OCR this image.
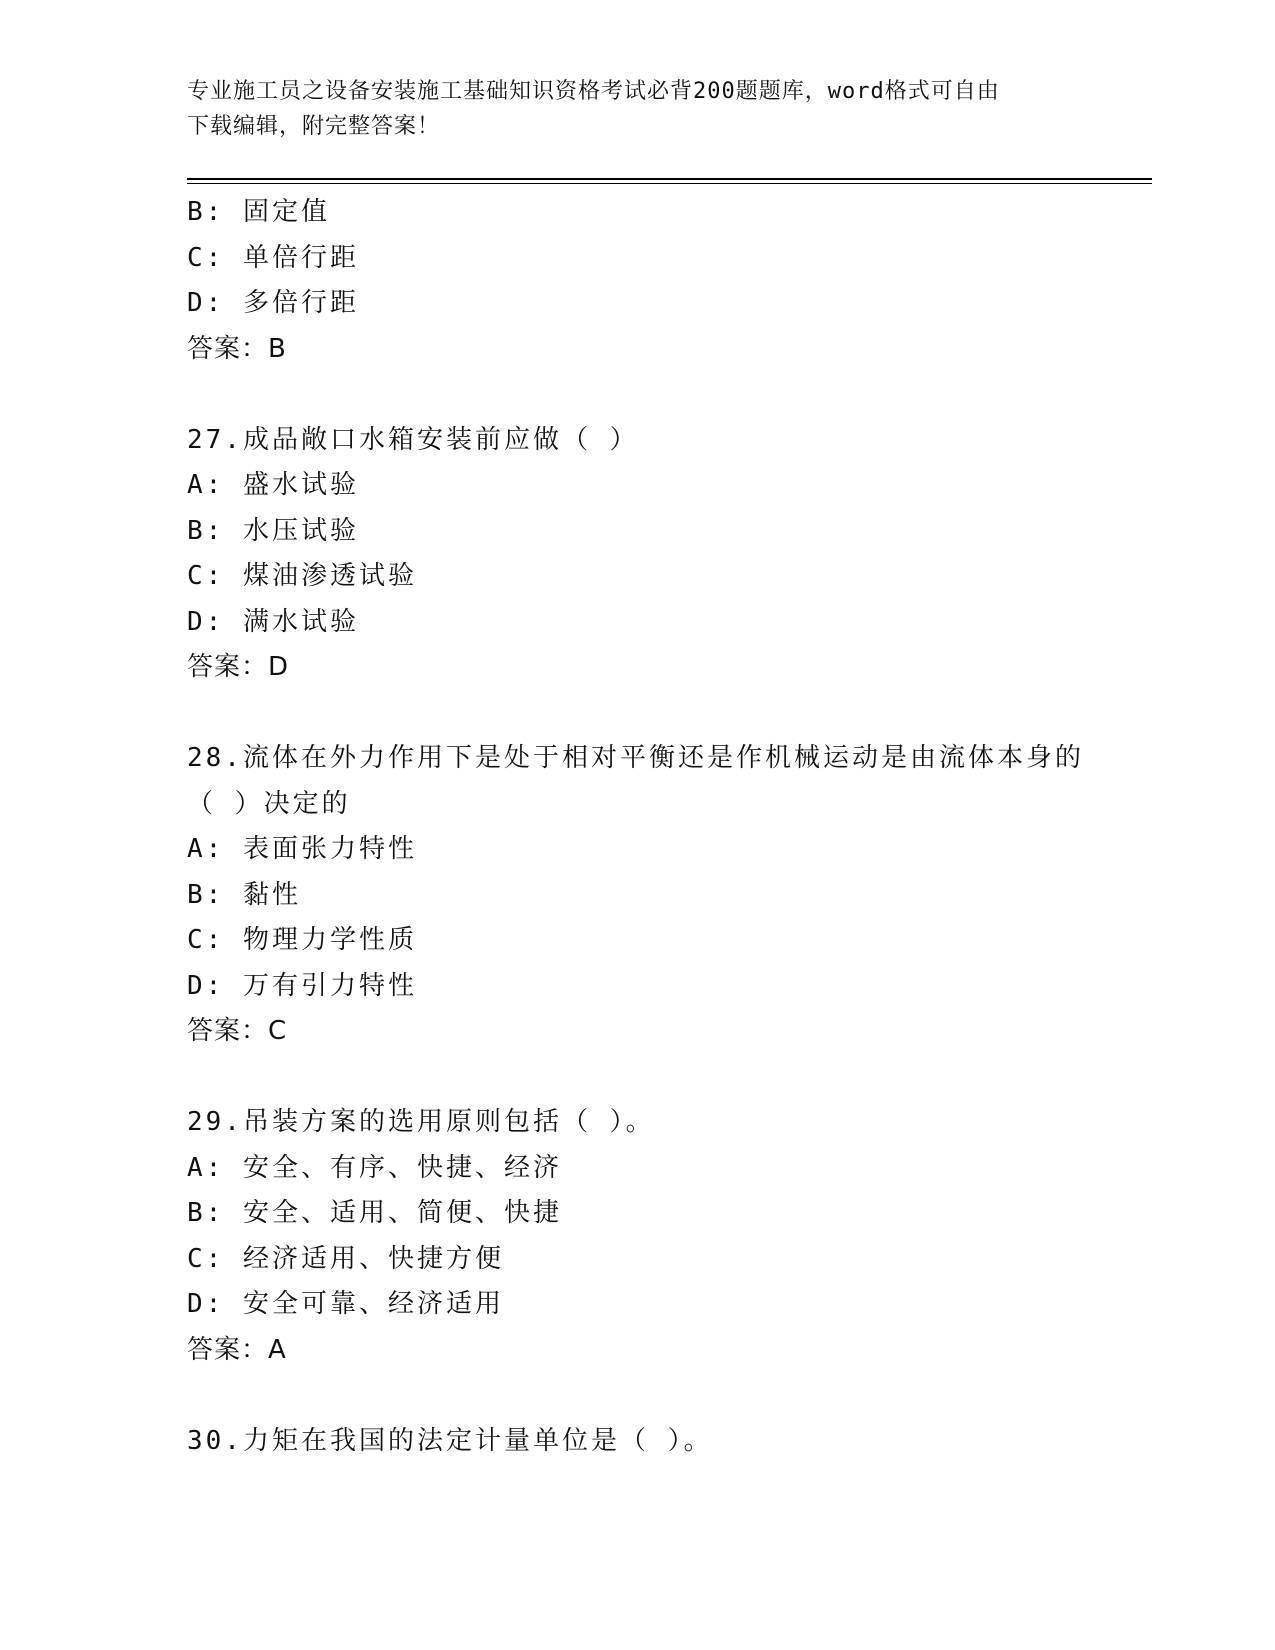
专业施工员之设备安装施工基础知识资格考试必背200题题库，word格式可自由
下载编辑，附完整答案！
B: 固定值
C: 单倍行距
D: 多倍行距
答案：B
27.成品敞口水箱安装前应做（ ）
A: 盛水试验
B: 水压试验
C: 煤油渗透试验
D: 满水试验
答案：D
28.流体在外力作用下是处于相对平衡还是作机械运动是由流体本身的
（ ）决定的
A: 表面张力特性
B: 黏性
C: 物理力学性质
D: 万有引力特性
答案：C
29.吊装方案的选用原则包括（ ）。
A: 安全、有序、快捷、经济
B: 安全、适用、简便、快捷
C: 经济适用、快捷方便
D: 安全可靠、经济适用
答案：A
30.力矩在我国的法定计量单位是（ ）。
